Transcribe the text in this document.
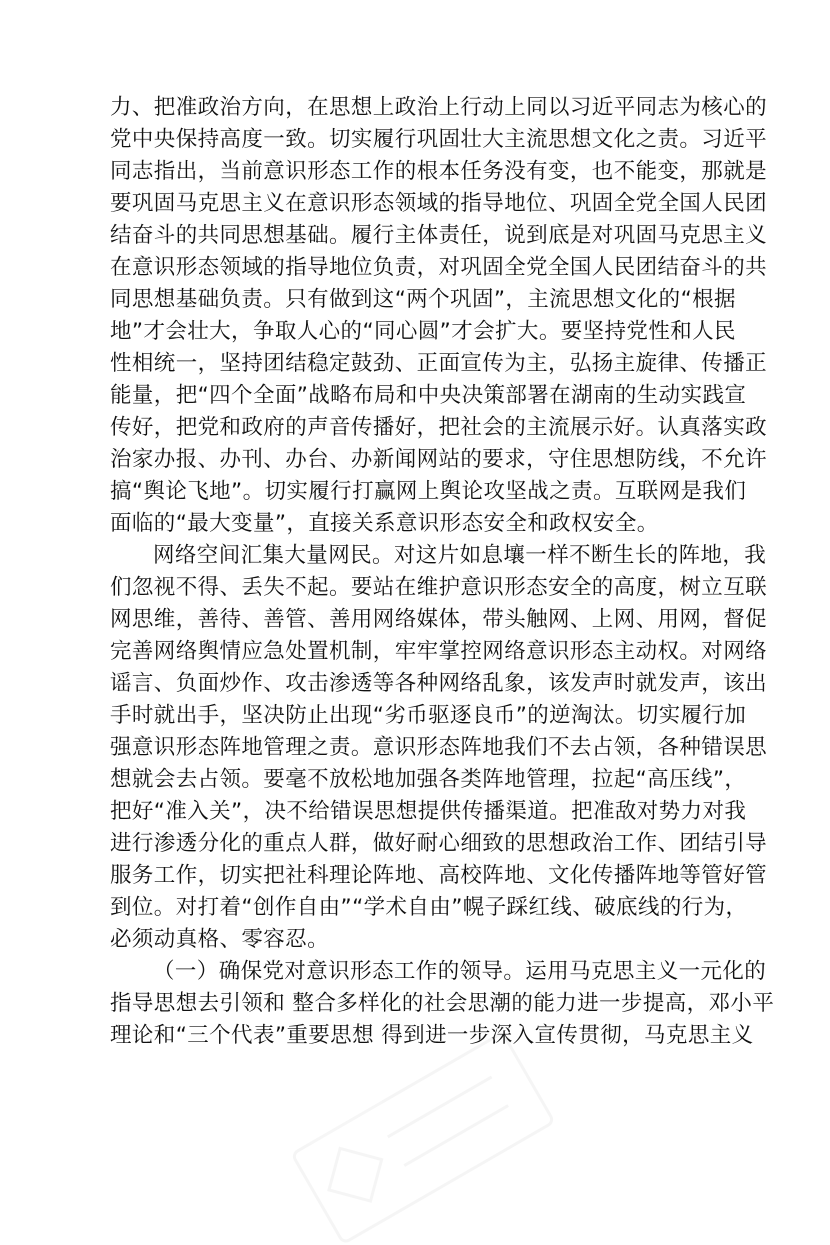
力、把准政治方向，在思想上政治上行动上同以习近平同志为核心的
党中央保持高度一致。切实履行巩固壮大主流思想文化之责。习近平
同志指出，当前意识形态工作的根本任务没有变，也不能变，那就是
要巩固马克思主义在意识形态领域的指导地位、巩固全党全国人民团
结奋斗的共同思想基础。履行主体责任，说到底是对巩固马克思主义
在意识形态领域的指导地位负责，对巩固全党全国人民团结奋斗的共
同思想基础负责。只有做到这“两个巩固”，主流思想文化的“根据
地”才会壮大，争取人心的“同心圆”才会扩大。要坚持党性和人民
性相统一，坚持团结稳定鼓劲、正面宣传为主，弘扬主旋律、传播正
能量，把“四个全面”战略布局和中央决策部署在湖南的生动实践宣
传好，把党和政府的声音传播好，把社会的主流展示好。认真落实政
治家办报、办刊、办台、办新闻网站的要求，守住思想防线，不允许
搞“舆论飞地”。切实履行打赢网上舆论攻坚战之责。互联网是我们
面临的“最大变量”，直接关系意识形态安全和政权安全。
网络空间汇集大量网民。对这片如息壤一样不断生长的阵地，我
们忽视不得、丢失不起。要站在维护意识形态安全的高度，树立互联
网思维，善待、善管、善用网络媒体，带头触网、上网、用网，督促
完善网络舆情应急处置机制，牢牢掌控网络意识形态主动权。对网络
谣言、负面炒作、攻击渗透等各种网络乱象，该发声时就发声，该出
手时就出手，坚决防止出现“劣币驱逐良币”的逆淘汰。切实履行加
强意识形态阵地管理之责。意识形态阵地我们不去占领，各种错误思
想就会去占领。要毫不放松地加强各类阵地管理，拉起“高压线”，
把好“准入关”，决不给错误思想提供传播渠道。把准敌对势力对我
进行渗透分化的重点人群，做好耐心细致的思想政治工作、团结引导
服务工作，切实把社科理论阵地、高校阵地、文化传播阵地等管好管
到位。对打着“创作自由”“学术自由”幌子踩红线、破底线的行为，
必须动真格、零容忍。
（一）确保党对意识形态工作的领导。运用马克思主义一元化的
指导思想去引领和 整合多样化的社会思潮的能力进一步提高，邓小平
理论和“三个代表”重要思想 得到进一步深入宣传贯彻，马克思主义
